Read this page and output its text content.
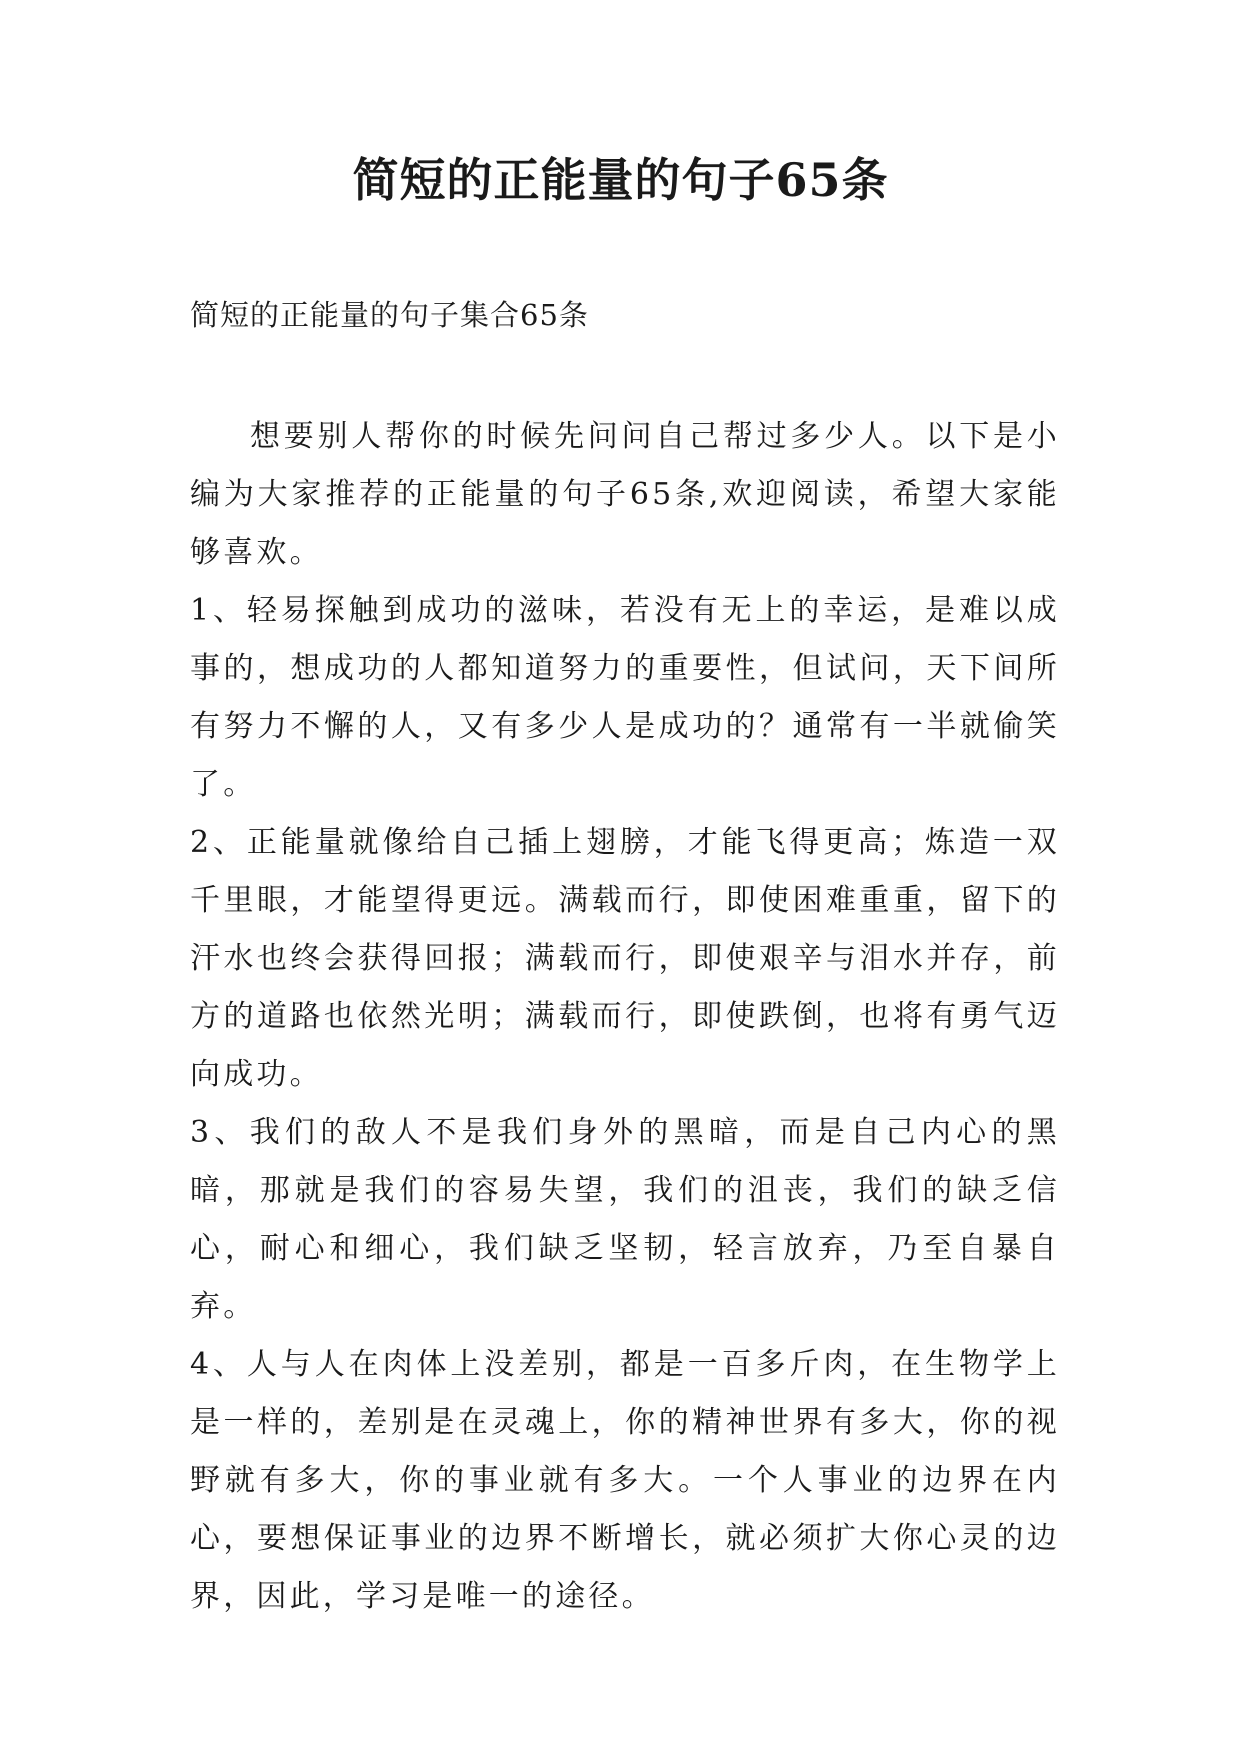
简短的正能量的句子65条

简短的正能量的句子集合65条

想要别人帮你的时候先问问自己帮过多少人。以下是小编为大家推荐的正能量的句子65条,欢迎阅读，希望大家能够喜欢。

1、轻易探触到成功的滋味，若没有无上的幸运，是难以成事的，想成功的人都知道努力的重要性，但试问，天下间所有努力不懈的人，又有多少人是成功的？通常有一半就偷笑了。

2、正能量就像给自己插上翅膀，才能飞得更高；炼造一双千里眼，才能望得更远。满载而行，即使困难重重，留下的汗水也终会获得回报；满载而行，即使艰辛与泪水并存，前方的道路也依然光明；满载而行，即使跌倒，也将有勇气迈向成功。

3、我们的敌人不是我们身外的黑暗，而是自己内心的黑暗，那就是我们的容易失望，我们的沮丧，我们的缺乏信心，耐心和细心，我们缺乏坚韧，轻言放弃，乃至自暴自弃。

4、人与人在肉体上没差别，都是一百多斤肉，在生物学上是一样的，差别是在灵魂上，你的精神世界有多大，你的视野就有多大，你的事业就有多大。一个人事业的边界在内心，要想保证事业的边界不断增长，就必须扩大你心灵的边界，因此，学习是唯一的途径。
